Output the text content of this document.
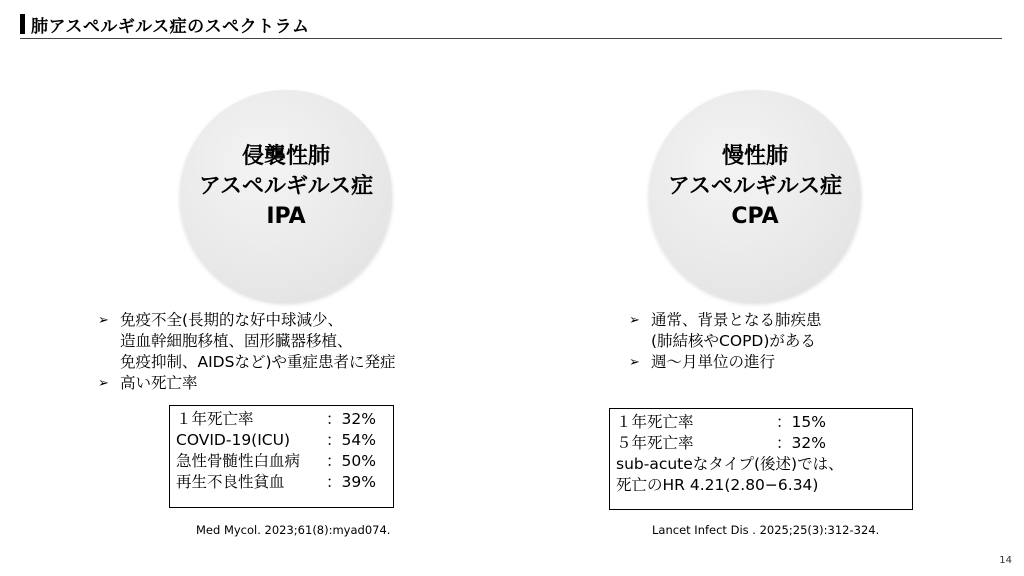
肺アスペルギルス症のスペクトラム
侵襲性肺
アスペルギルス症
IPA
➢ 免疫不全(長期的な好中球減少、
造血幹細胞移植、固形臓器移植、
免疫抑制、AIDSなど)や重症患者に発症
➢ 高い死亡率
１年死亡率	：32%
COVID-19(ICU)	：54%
急性骨髄性白血病	：50%
再生不良性貧血	：39%
Med Mycol. 2023;61(8):myad074.
慢性肺
アスペルギルス症
CPA
➢ 通常、背景となる肺疾患
(肺結核やCOPD)がある
➢ 週〜月単位の進行
１年死亡率	：15%
５年死亡率	：32%
sub-acuteなタイプ(後述)では、
死亡のHR 4.21(2.80−6.34)
Lancet Infect Dis . 2025;25(3):312-324.
14
